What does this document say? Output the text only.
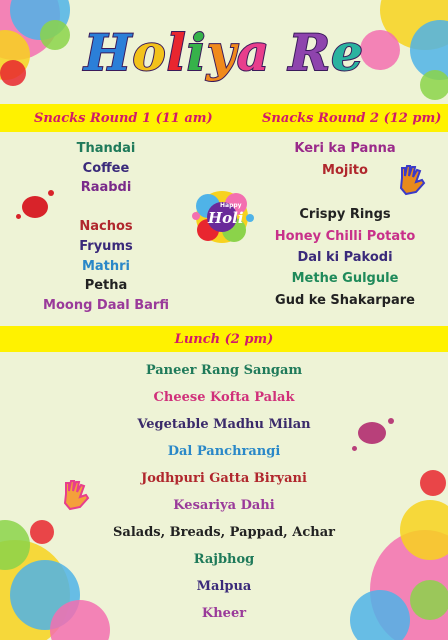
Holiya Re
Snacks Round 1 (11 am)	Snacks Round 2 (12 pm)
Thandai
Coffee
Raabdi
Nachos
Fryums
Mathri
Petha
Moong Daal Barfi
Keri ka Panna
Mojito
Crispy Rings
Honey Chilli Potato
Dal ki Pakodi
Methe Gulgule
Gud ke Shakarpare
Happy
Holi
Lunch (2 pm)
Paneer Rang Sangam
Cheese Kofta Palak
Vegetable Madhu Milan
Dal Panchrangi
Jodhpuri Gatta Biryani
Kesariya Dahi
Salads, Breads, Pappad, Achar
Rajbhog
Malpua
Kheer
